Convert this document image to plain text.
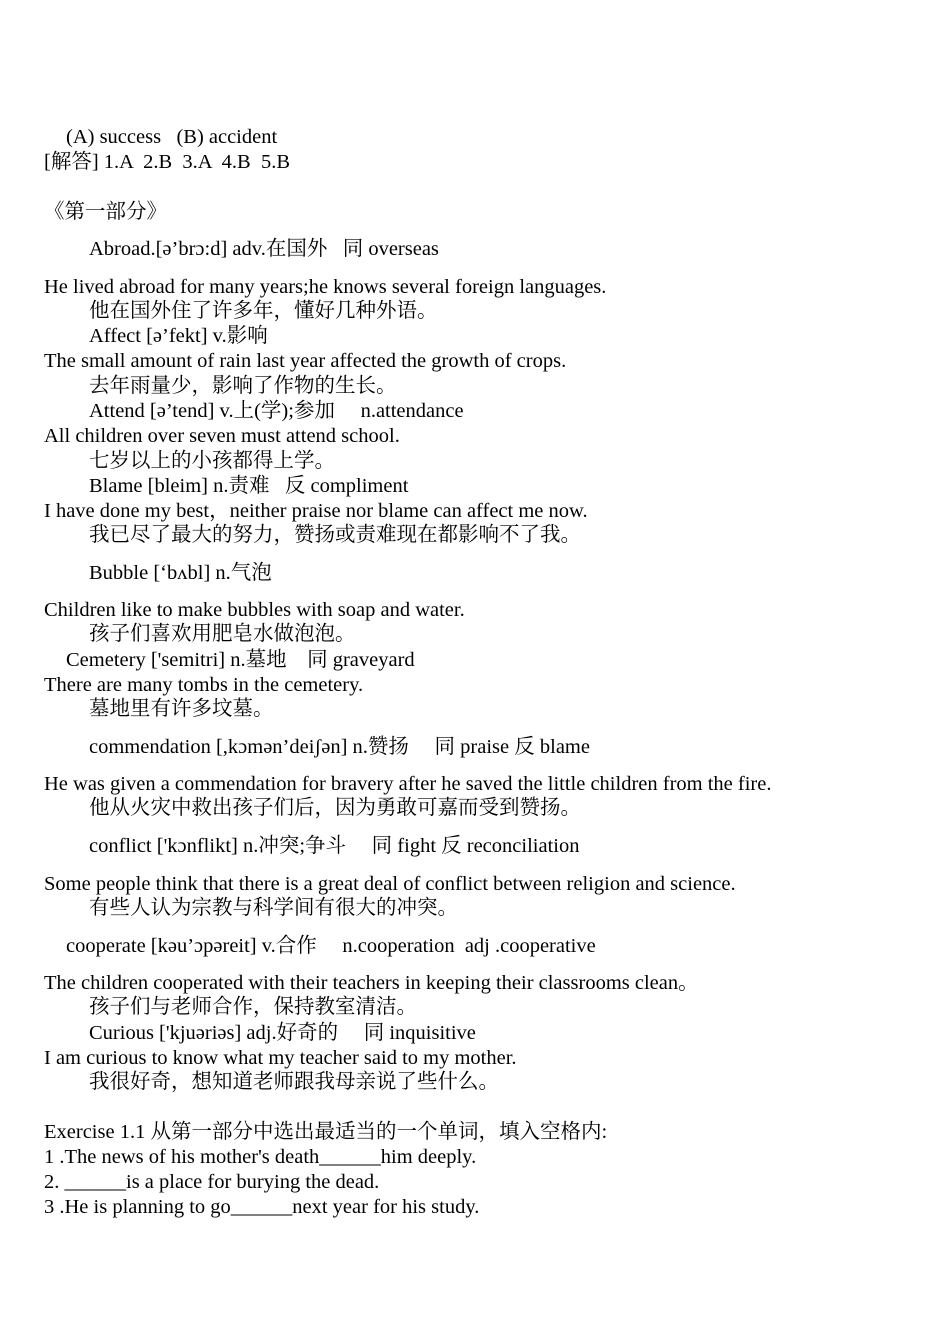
(A) success   (B) accident
[解答] 1.A  2.B  3.A  4.B  5.B
《第一部分》
Abroad.[ə’brɔ:d] adv.在国外   同 overseas
He lived abroad for many years;he knows several foreign languages.
他在国外住了许多年，懂好几种外语。
Affect [ə’fekt] v.影响
The small amount of rain last year affected the growth of crops.
去年雨量少，影响了作物的生长。
Attend [ə’tend] v.上(学);参加     n.attendance
All children over seven must attend school.
七岁以上的小孩都得上学。
Blame [bleim] n.责难   反 compliment
I have done my best，neither praise nor blame can affect me now.
我已尽了最大的努力，赞扬或责难现在都影响不了我。
Bubble [‘bʌbl] n.气泡
Children like to make bubbles with soap and water.
孩子们喜欢用肥皂水做泡泡。
Cemetery ['semitri] n.墓地    同 graveyard
There are many tombs in the cemetery.
墓地里有许多坟墓。
commendation [,kɔmən’deiʃən] n.赞扬     同 praise 反 blame
He was given a commendation for bravery after he saved the little children from the fire.
他从火灾中救出孩子们后，因为勇敢可嘉而受到赞扬。
conflict ['kɔnflikt] n.冲突;争斗     同 fight 反 reconciliation
Some people think that there is a great deal of conflict between religion and science.
有些人认为宗教与科学间有很大的冲突。
cooperate [kəu’ɔpəreit] v.合作     n.cooperation  adj .cooperative
The children cooperated with their teachers in keeping their classrooms clean。
孩子们与老师合作，保持教室清洁。
Curious ['kjuəriəs] adj.好奇的     同 inquisitive
I am curious to know what my teacher said to my mother.
我很好奇，想知道老师跟我母亲说了些什么。
Exercise 1.1 从第一部分中选出最适当的一个单词，填入空格内:
1 .The news of his mother's death______him deeply.
2. ______is a place for burying the dead.
3 .He is planning to go______next year for his study.
